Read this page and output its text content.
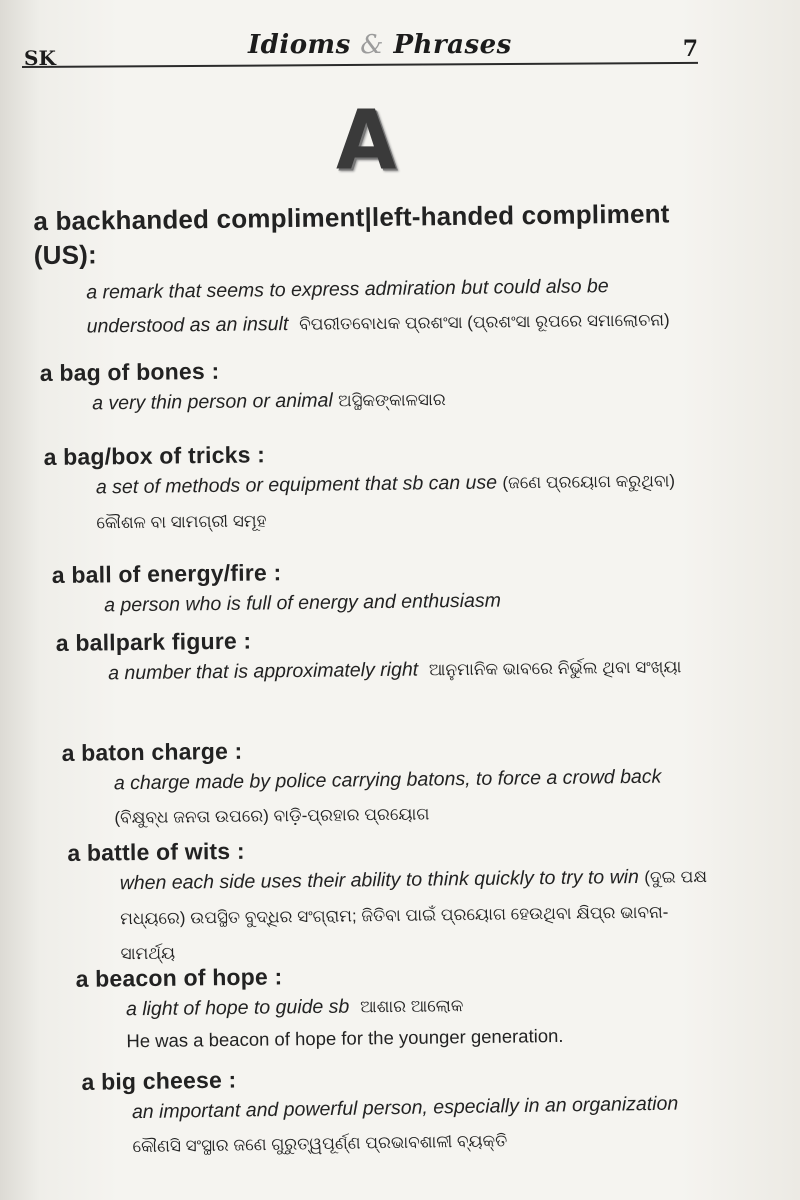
SK	Idioms & Phrases	7
A
a backhanded compliment|left-handed compliment (US):
a remark that seems to express admiration but could also be understood as an insult ବିପରୀତବୋଧକ ପ୍ରଶଂସା (ପ୍ରଶଂସା ରୂପରେ ସମାଲୋଚନା)
a bag of bones :
a very thin person or animal ଅସ୍ଥିକଙ୍କାଳସାର
a bag/box of tricks :
a set of methods or equipment that sb can use (ଜଣେ ପ୍ରୟୋଗ କରୁଥିବା) କୌଶଳ ବା ସାମଗ୍ରୀ ସମୂହ
a ball of energy/fire :
a person who is full of energy and enthusiasm
a ballpark figure :
a number that is approximately right ଆନୁମାନିକ ଭାବରେ ନିର୍ଭୁଲ ଥିବା ସଂଖ୍ୟା
a baton charge :
a charge made by police carrying batons, to force a crowd back (ବିକ୍ଷୁବ୍ଧ ଜନତା ଉପରେ) ବାଡ଼ି-ପ୍ରହାର ପ୍ରୟୋଗ
a battle of wits :
when each side uses their ability to think quickly to try to win (ଦୁଇ ପକ୍ଷ ମଧ୍ୟରେ) ଉପସ୍ଥିତ ବୁଦ୍ଧିର ସଂଗ୍ରାମ; ଜିତିବା ପାଇଁ ପ୍ରୟୋଗ ହେଉଥିବା କ୍ଷିପ୍ର ଭାବନା-ସାମର୍ଥ୍ୟ
a beacon of hope :
a light of hope to guide sb ଆଶାର ଆଲୋକ
He was a beacon of hope for the younger generation.
a big cheese :
an important and powerful person, especially in an organization
କୌଣସି ସଂସ୍ଥାର ଜଣେ ଗୁରୁତ୍ୱପୂର୍ଣ୍ଣ ପ୍ରଭାବଶାଳୀ ବ୍ୟକ୍ତି
